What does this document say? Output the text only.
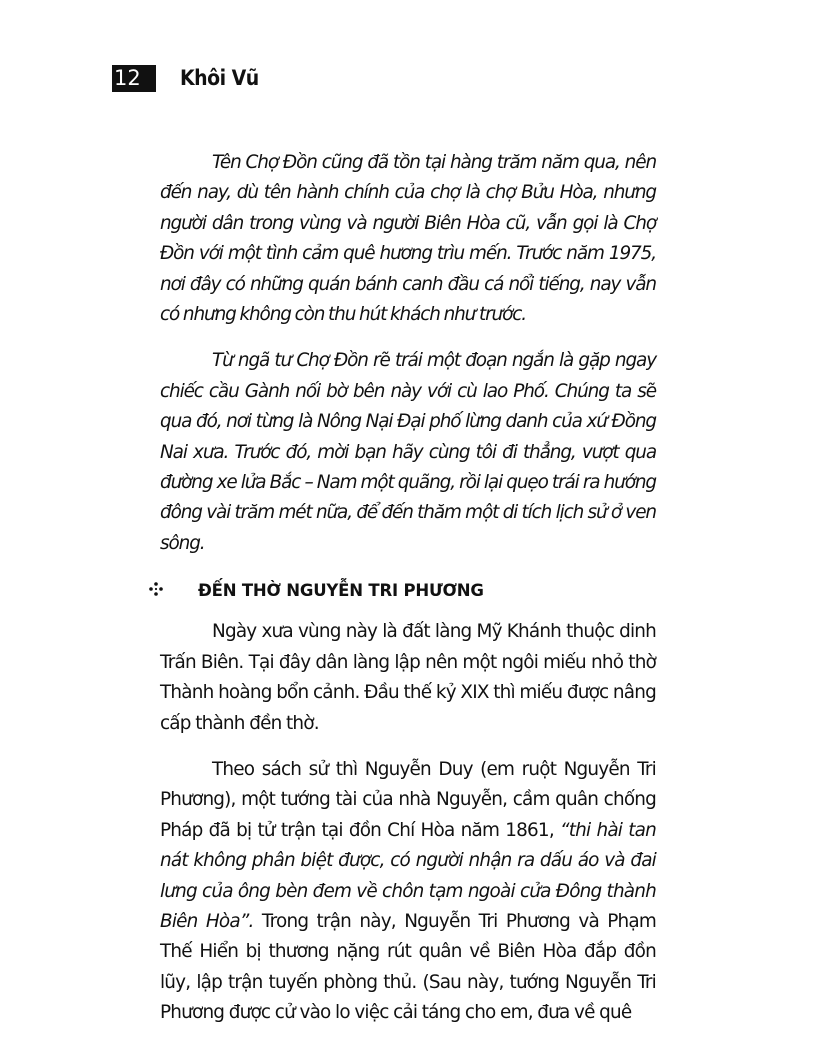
12	Khôi Vũ

Tên Chợ Đồn cũng đã tồn tại hàng trăm năm qua, nên đến nay, dù tên hành chính của chợ là chợ Bửu Hòa, nhưng người dân trong vùng và người Biên Hòa cũ, vẫn gọi là Chợ Đồn với một tình cảm quê hương trìu mến. Trước năm 1975, nơi đây có những quán bánh canh đầu cá nổi tiếng, nay vẫn có nhưng không còn thu hút khách như trước.

Từ ngã tư Chợ Đồn rẽ trái một đoạn ngắn là gặp ngay chiếc cầu Gành nối bờ bên này với cù lao Phố. Chúng ta sẽ qua đó, nơi từng là Nông Nại Đại phố lừng danh của xứ Đồng Nai xưa. Trước đó, mời bạn hãy cùng tôi đi thẳng, vượt qua đường xe lửa Bắc – Nam một quãng, rồi lại quẹo trái ra hướng đông vài trăm mét nữa, để đến thăm một di tích lịch sử ở ven sông.

ĐẾN THỜ NGUYỄN TRI PHƯƠNG

Ngày xưa vùng này là đất làng Mỹ Khánh thuộc dinh Trấn Biên. Tại đây dân làng lập nên một ngôi miếu nhỏ thờ Thành hoàng bổn cảnh. Đầu thế kỷ XIX thì miếu được nâng cấp thành đền thờ.

Theo sách sử thì Nguyễn Duy (em ruột Nguyễn Tri Phương), một tướng tài của nhà Nguyễn, cầm quân chống Pháp đã bị tử trận tại đồn Chí Hòa năm 1861, “thi hài tan nát không phân biệt được, có người nhận ra dấu áo và đai lưng của ông bèn đem về chôn tạm ngoài cửa Đông thành Biên Hòa”. Trong trận này, Nguyễn Tri Phương và Phạm Thế Hiển bị thương nặng rút quân về Biên Hòa đắp đồn lũy, lập trận tuyến phòng thủ. (Sau này, tướng Nguyễn Tri Phương được cử vào lo việc cải táng cho em, đưa về quê
